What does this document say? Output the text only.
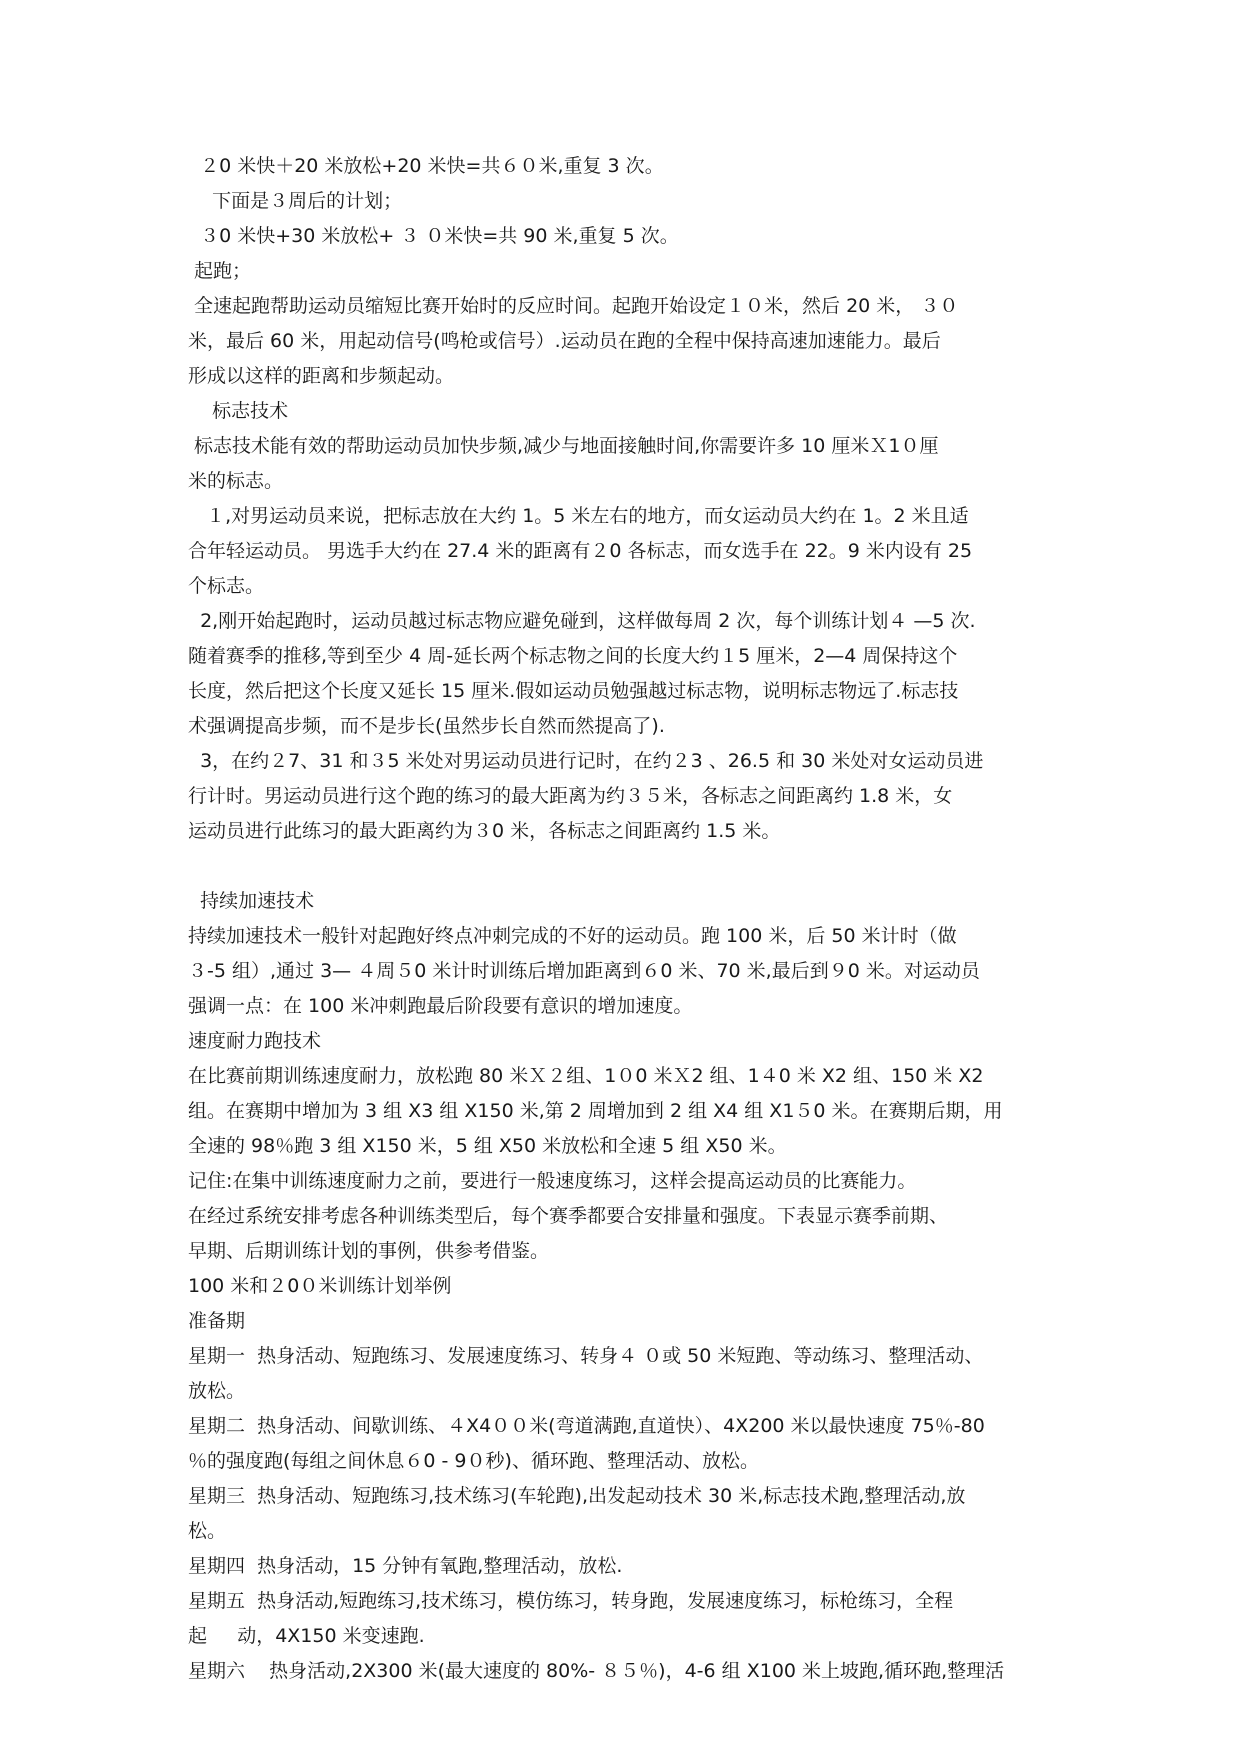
２0 米快＋20 米放松+20 米快=共６０米,重复 3 次。
下面是３周后的计划；
３0 米快+30 米放松+ ３ ０米快=共 90 米,重复 5 次。
起跑；
全速起跑帮助运动员缩短比赛开始时的反应时间。起跑开始设定１０米，然后 20 米， ３０
米，最后 60 米，用起动信号(鸣枪或信号）.运动员在跑的全程中保持高速加速能力。最后
形成以这样的距离和步频起动。
标志技术
标志技术能有效的帮助运动员加快步频,减少与地面接触时间,你需要许多 10 厘米Ｘ1０厘
米的标志。
１,对男运动员来说，把标志放在大约 1。5 米左右的地方，而女运动员大约在 1。2 米且适
合年轻运动员。 男选手大约在 27.4 米的距离有２0 各标志，而女选手在 22。9 米内设有 25
个标志。
2,刚开始起跑时，运动员越过标志物应避免碰到，这样做每周 2 次，每个训练计划４ —5 次.
随着赛季的推移,等到至少 4 周-延长两个标志物之间的长度大约１5 厘米，2—4 周保持这个
长度，然后把这个长度又延长 15 厘米.假如运动员勉强越过标志物，说明标志物远了.标志技
术强调提高步频，而不是步长(虽然步长自然而然提高了).
3，在约２7、31 和３5 米处对男运动员进行记时，在约２3 、26.5 和 30 米处对女运动员进
行计时。男运动员进行这个跑的练习的最大距离为约３５米，各标志之间距离约 1.8 米，女
运动员进行此练习的最大距离约为３0 米，各标志之间距离约 1.5 米。
持续加速技术
持续加速技术一般针对起跑好终点冲刺完成的不好的运动员。跑 100 米，后 50 米计时（做
３-5 组）,通过 3— ４周５0 米计时训练后增加距离到６0 米、70 米,最后到９0 米。对运动员
强调一点：在 100 米冲刺跑最后阶段要有意识的增加速度。
速度耐力跑技术
在比赛前期训练速度耐力，放松跑 80 米Ｘ２组、1０0 米Ｘ2 组、1４0 米 X2 组、150 米 X2
组。在赛期中增加为 3 组 X3 组 X150 米,第 2 周增加到 2 组 X4 组 X1５0 米。在赛期后期，用
全速的 98％跑 3 组 X150 米，5 组 X50 米放松和全速 5 组 X50 米。
记住:在集中训练速度耐力之前，要进行一般速度练习，这样会提高运动员的比赛能力。
在经过系统安排考虑各种训练类型后，每个赛季都要合安排量和强度。下表显示赛季前期、
早期、后期训练计划的事例，供参考借鉴。
100 米和２0０米训练计划举例
准备期
星期一  热身活动、短跑练习、发展速度练习、转身４ ０或 50 米短跑、等动练习、整理活动、
放松。
星期二  热身活动、间歇训练、４X4００米(弯道满跑,直道快）、4X200 米以最快速度 75％-80
％的强度跑(每组之间休息６0 - 9０秒)、循环跑、整理活动、放松。
星期三  热身活动、短跑练习,技术练习(车轮跑),出发起动技术 30 米,标志技术跑,整理活动,放
松。
星期四  热身活动，15 分钟有氧跑,整理活动，放松.
星期五  热身活动,短跑练习,技术练习，模仿练习，转身跑，发展速度练习，标枪练习，全程
起     动，4X150 米变速跑.
星期六    热身活动,2X300 米(最大速度的 80%- ８５％)，4-6 组 X100 米上坡跑,循环跑,整理活
